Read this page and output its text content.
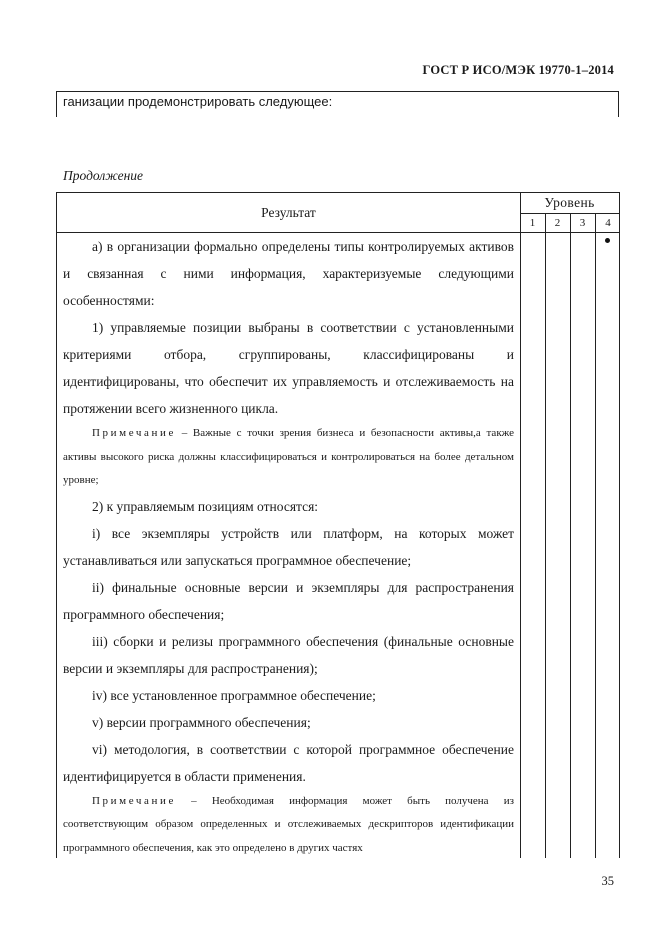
ГОСТ Р ИСО/МЭК 19770-1–2014
ганизации продемонстрировать следующее:
Продолжение
Результат
Уровень
1	2	3	4

а) в организации формально определены типы контролируемых активов и связанная с ними информация, характеризуемые следующими особенностями:

1) управляемые позиции выбраны в соответствии с установленными критериями отбора, сгруппированы, классифицированы и идентифицированы, что обеспечит их управляемость и отслеживаемость на протяжении всего жизненного цикла.

Примечание – Важные с точки зрения бизнеса и безопасности активы,а также активы высокого риска должны классифицироваться и контролироваться на более детальном уровне;

2) к управляемым позициям относятся:

i) все экземпляры устройств или платформ, на которых может устанавливаться или запускаться программное обеспечение;

ii) финальные основные версии и экземпляры для распространения программного обеспечения;

iii) сборки и релизы программного обеспечения (финальные основные версии и экземпляры для распространения);

iv) все установленное программное обеспечение;

v) версии программного обеспечения;

vi) методология, в соответствии с которой программное обеспечение идентифицируется в области применения.

Примечание – Необходимая информация может быть получена из соответствующим образом определенных и отслеживаемых дескрипторов идентификации программного обеспечения, как это определено в других частях

35
